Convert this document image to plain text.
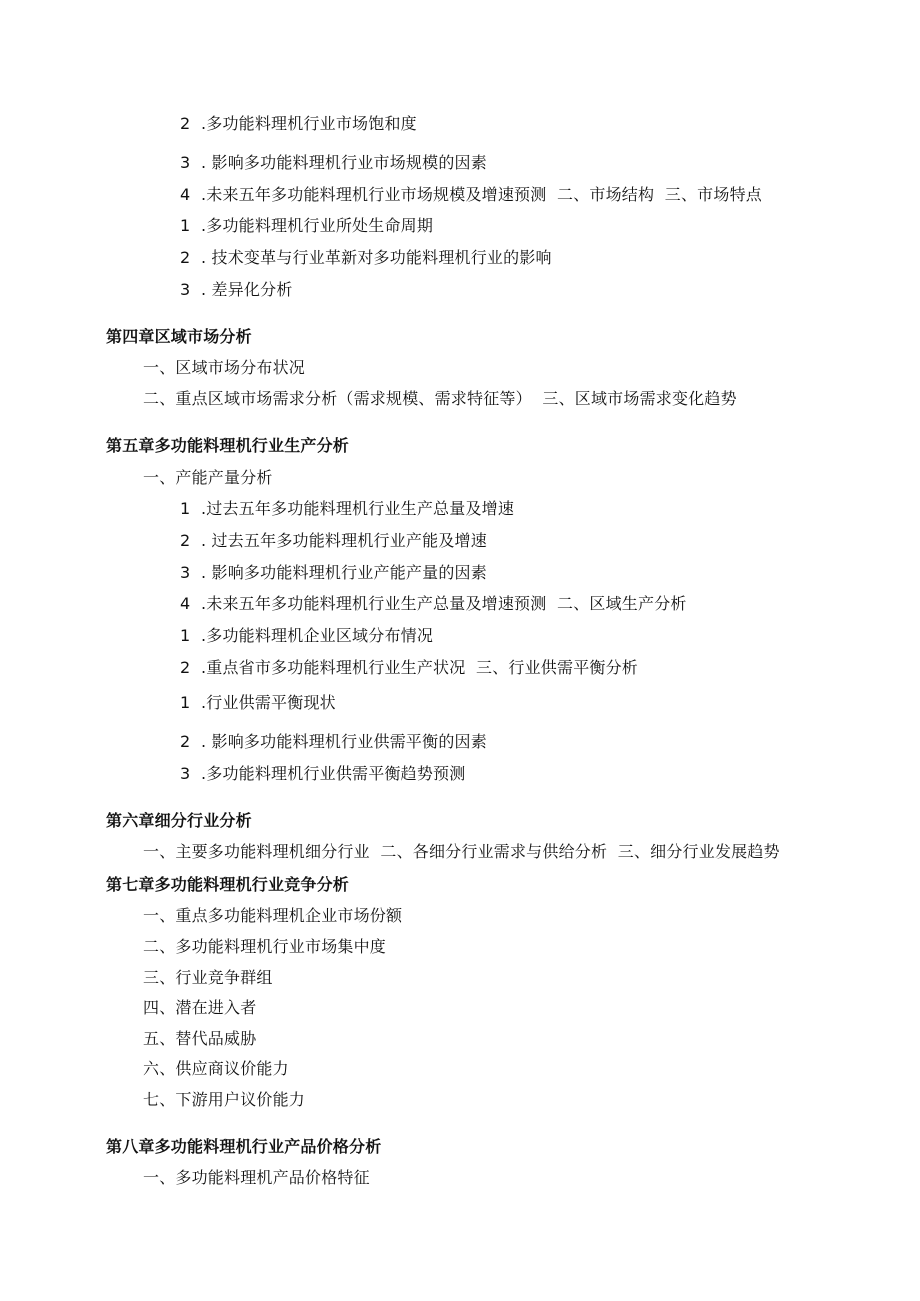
2  .多功能料理机行业市场饱和度
3  . 影响多功能料理机行业市场规模的因素
4  .未来五年多功能料理机行业市场规模及增速预测  二、市场结构  三、市场特点
1  .多功能料理机行业所处生命周期
2  . 技术变革与行业革新对多功能料理机行业的影响
3  . 差异化分析
第四章区域市场分析
一、区域市场分布状况
二、重点区域市场需求分析（需求规模、需求特征等）  三、区域市场需求变化趋势
第五章多功能料理机行业生产分析
一、产能产量分析
1  .过去五年多功能料理机行业生产总量及增速
2  . 过去五年多功能料理机行业产能及增速
3  . 影响多功能料理机行业产能产量的因素
4  .未来五年多功能料理机行业生产总量及增速预测  二、区域生产分析
1  .多功能料理机企业区域分布情况
2  .重点省市多功能料理机行业生产状况  三、行业供需平衡分析
1  .行业供需平衡现状
2  . 影响多功能料理机行业供需平衡的因素
3  .多功能料理机行业供需平衡趋势预测
第六章细分行业分析
一、主要多功能料理机细分行业  二、各细分行业需求与供给分析  三、细分行业发展趋势
第七章多功能料理机行业竞争分析
一、重点多功能料理机企业市场份额
二、多功能料理机行业市场集中度
三、行业竞争群组
四、潜在进入者
五、替代品威胁
六、供应商议价能力
七、下游用户议价能力
第八章多功能料理机行业产品价格分析
一、多功能料理机产品价格特征
